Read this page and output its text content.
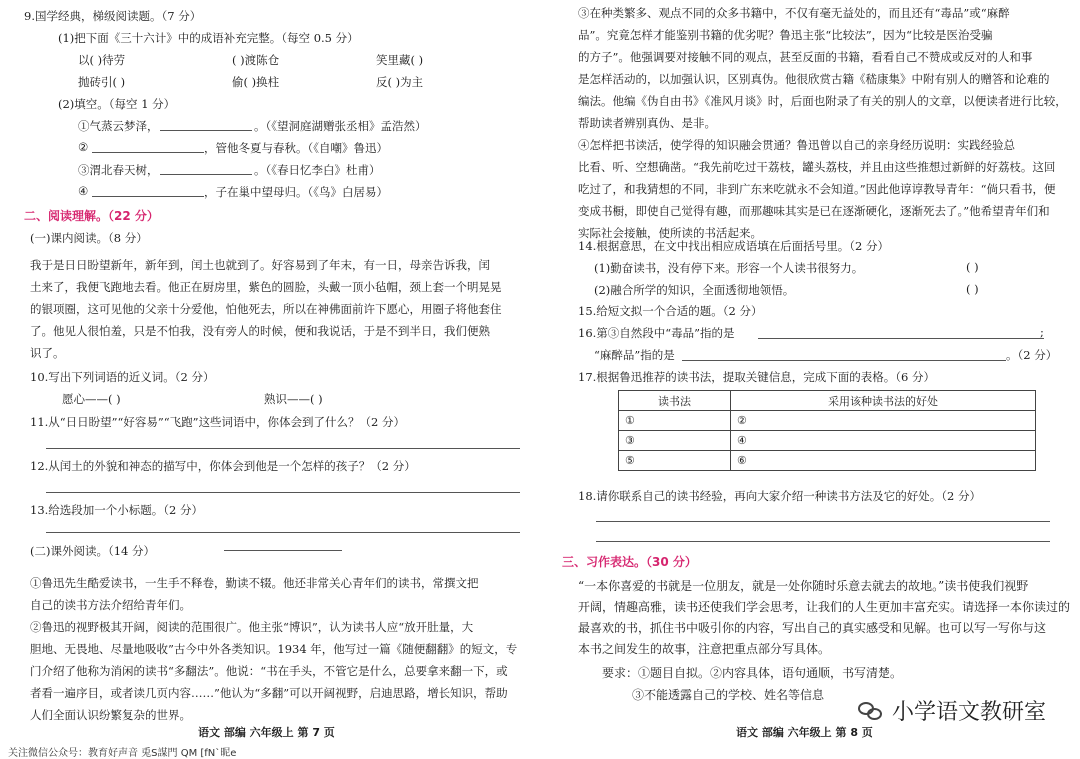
9.国学经典，梯级阅读题。（7 分）
(1)把下面《三十六计》中的成语补充完整。（每空 0.5 分）
以( )待劳	( )渡陈仓	笑里藏( )
抛砖引( )	偷( )换柱	反( )为主
(2)填空。（每空 1 分）
①气蒸云梦泽，	。（《望洞庭湖赠张丞相》孟浩然）
②	，管他冬夏与春秋。（《自嘲》鲁迅）
③渭北春天树，	。（《春日忆李白》杜甫）
④	，子在巢中望母归。（《鸟》白居易）
二、阅读理解。（22 分）
(一)课内阅读。（8 分）
我于是日日盼望新年，新年到，闰土也就到了。好容易到了年末，有一日，母亲告诉我，闰
土来了，我便飞跑地去看。他正在厨房里，紫色的圆脸，头戴一顶小毡帽，颈上套一个明晃晃
的银项圈，这可见他的父亲十分爱他，怕他死去，所以在神佛面前许下愿心，用圈子将他套住
了。他见人很怕羞，只是不怕我，没有旁人的时候，便和我说话，于是不到半日，我们便熟
识了。
10.写出下列词语的近义词。（2 分）
愿心——( )	熟识——( )
11.从“日日盼望”“好容易”“飞跑”这些词语中，你体会到了什么？（2 分）
12.从闰土的外貌和神态的描写中，你体会到他是一个怎样的孩子？（2 分）
13.给选段加一个小标题。（2 分）
(二)课外阅读。（14 分）
①鲁迅先生酷爱读书，一生手不释卷，勤读不辍。他还非常关心青年们的读书，常撰文把
自己的读书方法介绍给青年们。
②鲁迅的视野极其开阔，阅读的范围很广。他主张“博识”，认为读书人应“放开肚量，大
胆地、无畏地、尽量地吸收”古今中外各类知识。1934 年，他写过一篇《随便翻翻》的短文，专
门介绍了他称为消闲的读书“多翻法”。他说：“书在手头，不管它是什么，总要拿来翻一下，或
者看一遍序目，或者读几页内容……”他认为“多翻”可以开阔视野，启迪思路，增长知识，帮助
人们全面认识纷繁复杂的世界。
语文 部编 六年级上 第 7 页
关注微信公众号：教育好声音 兎S謀門 QM [fN`昵e
③在种类繁多、观点不同的众多书籍中，不仅有毫无益处的，而且还有“毒品”或“麻醉
品”。究竟怎样才能鉴别书籍的优劣呢？鲁迅主张“比较法”，因为“比较是医治受骗
的方子”。他强调要对接触不同的观点，甚至反面的书籍，看看自己不赞成或反对的人和事
是怎样活动的，以加强认识，区别真伪。他很欣赏古籍《嵇康集》中附有别人的赠答和论难的
编法。他编《伪自由书》《准风月谈》时，后面也附录了有关的别人的文章，以便读者进行比较，
帮助读者辨别真伪、是非。
④怎样把书读活，使学得的知识融会贯通？鲁迅曾以自己的亲身经历说明：实践经验总
比看、听、空想确凿。“我先前吃过干荔枝，罐头荔枝，并且由这些推想过新鲜的好荔枝。这回
吃过了，和我猜想的不同，非到广东来吃就永不会知道。”因此他谆谆教导青年：“倘只看书，便
变成书橱，即使自己觉得有趣，而那趣味其实是已在逐渐硬化，逐渐死去了。”他希望青年们和
实际社会接触，使所读的书活起来。
14.根据意思，在文中找出相应成语填在后面括号里。（2 分）
(1)勤奋读书，没有停下来。形容一个人读书很努力。	( )
(2)融合所学的知识，全面透彻地领悟。	( )
15.给短文拟一个合适的题。（2 分）
16.第③自然段中“毒品”指的是	;
“麻醉品”指的是	。（2 分）
17.根据鲁迅推荐的读书法，提取关键信息，完成下面的表格。（6 分）
读书法	采用该种读书法的好处
①	②
③	④
⑤	⑥
18.请你联系自己的读书经验，再向大家介绍一种读书方法及它的好处。（2 分）
三、习作表达。（30 分）
“一本你喜爱的书就是一位朋友，就是一处你随时乐意去就去的故地。”读书使我们视野
开阔，情趣高雅，读书还使我们学会思考，让我们的人生更加丰富充实。请选择一本你读过的
最喜欢的书，抓住书中吸引你的内容，写出自己的真实感受和见解。也可以写一写你与这
本书之间发生的故事，注意把重点部分写具体。
要求：①题目自拟。②内容具体，语句通顺，书写清楚。
③不能透露自己的学校、姓名等信息
语文 部编 六年级上 第 8 页
小学语文教研室
